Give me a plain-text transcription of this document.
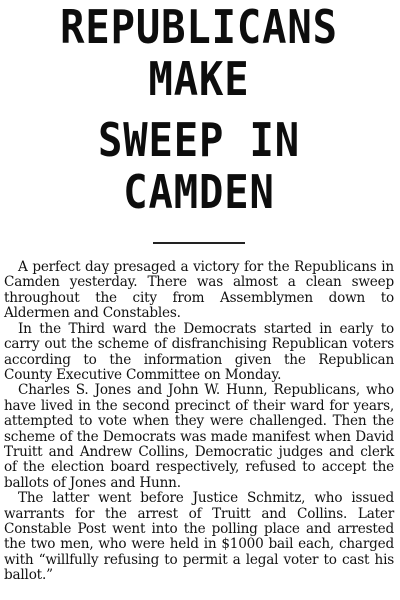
REPUBLICANS MAKE
SWEEP IN CAMDEN

A perfect day presaged a victory for the Republicans in Camden yesterday. There was almost a clean sweep throughout the city from Assemblymen down to Aldermen and Constables.

In the Third ward the Democrats started in early to carry out the scheme of disfranchising Republican voters according to the information given the Republican County Executive Committee on Monday.

Charles S. Jones and John W. Hunn, Republicans, who have lived in the second precinct of their ward for years, attempted to vote when they were challenged. Then the scheme of the Democrats was made manifest when David Truitt and Andrew Collins, Democratic judges and clerk of the election board respectively, refused to accept the ballots of Jones and Hunn.

The latter went before Justice Schmitz, who issued warrants for the arrest of Truitt and Collins. Later Constable Post went into the polling place and arrested the two men, who were held in $1000 bail each, charged with “willfully refusing to permit a legal voter to cast his ballot.”
